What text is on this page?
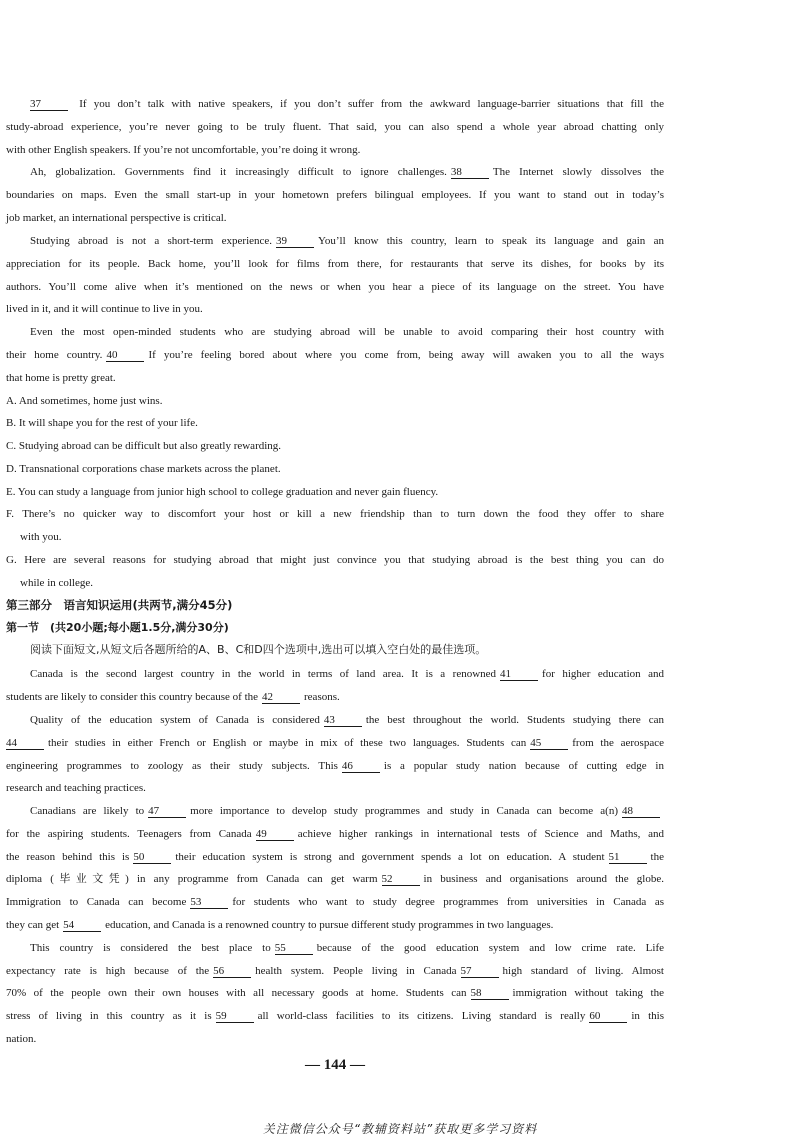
37	If you don’t talk with native speakers, if you don’t suffer from the awkward language-barrier situations that fill the
study-abroad experience, you’re never going to be truly fluent. That said, you can also spend a whole year abroad chatting only
with other English speakers. If you’re not uncomfortable, you’re doing it wrong.
Ah, globalization. Governments find it increasingly difficult to ignore challenges. 38	The Internet slowly dissolves the
boundaries on maps. Even the small start-up in your hometown prefers bilingual employees. If you want to stand out in today’s
job market, an international perspective is critical.
Studying abroad is not a short-term experience. 39	You’ll know this country, learn to speak its language and gain an
appreciation for its people. Back home, you’ll look for films from there, for restaurants that serve its dishes, for books by its
authors. You’ll come alive when it’s mentioned on the news or when you hear a piece of its language on the street. You have
lived in it, and it will continue to live in you.
Even the most open-minded students who are studying abroad will be unable to avoid comparing their host country with
their home country. 40	If you’re feeling bored about where you come from, being away will awaken you to all the ways
that home is pretty great.
A. And sometimes, home just wins.
B. It will shape you for the rest of your life.
C. Studying abroad can be difficult but also greatly rewarding.
D. Transnational corporations chase markets across the planet.
E. You can study a language from junior high school to college graduation and never gain fluency.
F. There’s no quicker way to discomfort your host or kill a new friendship than to turn down the food they offer to share
with you.
G. Here are several reasons for studying abroad that might just convince you that studying abroad is the best thing you can do
while in college.
第三部分　语言知识运用(共两节,满分45分)
第一节　(共20小题;每小题1.5分,满分30分)
阅读下面短文,从短文后各题所给的A、B、C和D四个选项中,选出可以填入空白处的最佳选项。
Canada is the second largest country in the world in terms of land area. It is a renowned 41	for higher education and
students are likely to consider this country because of the 42	reasons.
Quality of the education system of Canada is considered 43	the best throughout the world. Students studying there can
44	their studies in either French or English or maybe in mix of these two languages. Students can 45	from the aerospace
engineering programmes to zoology as their study subjects. This 46	is a popular study nation because of cutting edge in
research and teaching practices.
Canadians are likely to 47	more importance to develop study programmes and study in Canada can become a(n) 48
for the aspiring students. Teenagers from Canada 49	achieve higher rankings in international tests of Science and Maths, and
the reason behind this is 50	their education system is strong and government spends a lot on education. A student 51	the
diploma (毕业文凭) in any programme from Canada can get warm 52	in business and organisations around the globe.
Immigration to Canada can become 53	for students who want to study degree programmes from universities in Canada as
they can get 54	education, and Canada is a renowned country to pursue different study programmes in two languages.
This country is considered the best place to 55	because of the good education system and low crime rate. Life
expectancy rate is high because of the 56	health system. People living in Canada 57	high standard of living. Almost
70% of the people own their own houses with all necessary goods at home. Students can 58	immigration without taking the
stress of living in this country as it is 59	all world-class facilities to its citizens. Living standard is really 60	in this
nation.
— 144 —
关注微信公众号“教辅资料站”获取更多学习资料
